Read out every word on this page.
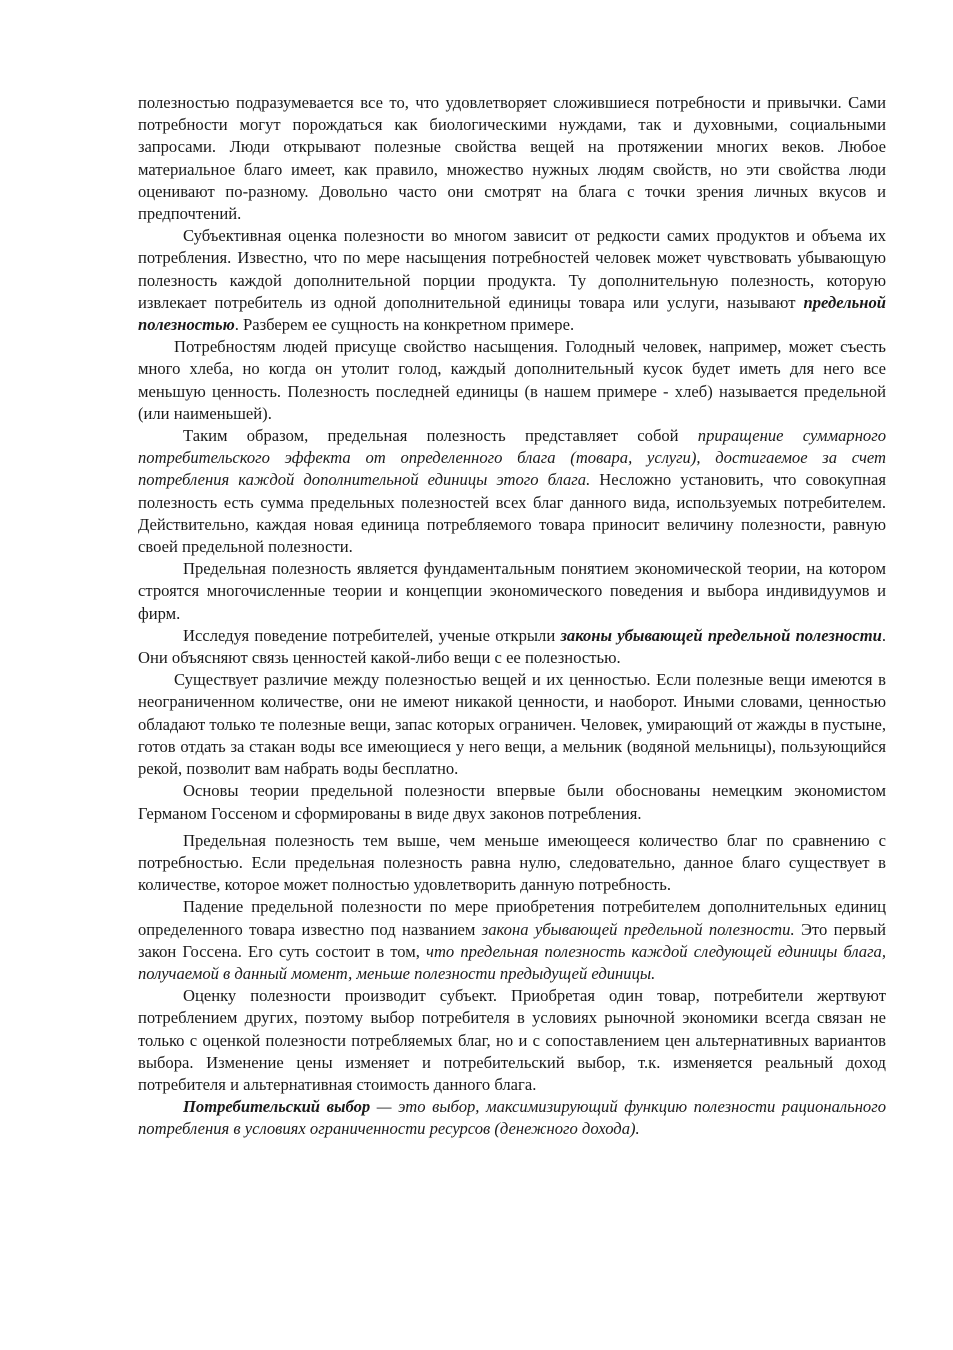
полезностью подразумевается все то, что удовлетворяет сложившиеся потребности и привычки. Сами потребности могут порождаться как биологическими нуждами, так и духовными, социальными запросами. Люди открывают полезные свойства вещей на протяжении многих веков. Любое материальное благо имеет, как правило, множество нужных людям свойств, но эти свойства люди оценивают по-разному. Довольно часто они смотрят на блага с точки зрения личных вкусов и предпочтений.

Субъективная оценка полезности во многом зависит от редкости самих продуктов и объема их потребления. Известно, что по мере насыщения потребностей человек может чувствовать убывающую полезность каждой дополнительной порции продукта. Ту дополнительную полезность, которую извлекает потребитель из одной дополнительной единицы товара или услуги, называют предельной полезностью. Разберем ее сущность на конкретном примере.

Потребностям людей присуще свойство насыщения. Голодный человек, например, может съесть много хлеба, но когда он утолит голод, каждый дополнительный кусок будет иметь для него все меньшую ценность. Полезность последней единицы (в нашем примере - хлеб) называется предельной (или наименьшей).

Таким образом, предельная полезность представляет собой приращение суммарного потребительского эффекта от определенного блага (товара, услуги), достигаемое за счет потребления каждой дополнительной единицы этого блага. Несложно установить, что совокупная полезность есть сумма предельных полезностей всех благ данного вида, используемых потребителем. Действительно, каждая новая единица потребляемого товара приносит величину полезности, равную своей предельной полезности.

Предельная полезность является фундаментальным понятием экономической теории, на котором строятся многочисленные теории и концепции экономического поведения и выбора индивидуумов и фирм.

Исследуя поведение потребителей, ученые открыли законы убывающей предельной полезности. Они объясняют связь ценностей какой-либо вещи с ее полезностью.

Существует различие между полезностью вещей и их ценностью. Если полезные вещи имеются в неограниченном количестве, они не имеют никакой ценности, и наоборот. Иными словами, ценностью обладают только те полезные вещи, запас которых ограничен. Человек, умирающий от жажды в пустыне, готов отдать за стакан воды все имеющиеся у него вещи, а мельник (водяной мельницы), пользующийся рекой, позволит вам набрать воды бесплатно.

Основы теории предельной полезности впервые были обоснованы немецким экономистом Германом Госсеном и сформированы в виде двух законов потребления.

Предельная полезность тем выше, чем меньше имеющееся количество благ по сравнению с потребностью. Если предельная полезность равна нулю, следовательно, данное благо существует в количестве, которое может полностью удовлетворить данную потребность.

Падение предельной полезности по мере приобретения потребителем дополнительных единиц определенного товара известно под названием закона убывающей предельной полезности. Это первый закон Госсена. Его суть состоит в том, что предельная полезность каждой следующей единицы блага, получаемой в данный момент, меньше полезности предыдущей единицы.

Оценку полезности производит субъект. Приобретая один товар, потребители жертвуют потреблением других, поэтому выбор потребителя в условиях рыночной экономики всегда связан не только с оценкой полезности потребляемых благ, но и с сопоставлением цен альтернативных вариантов выбора. Изменение цены изменяет и потребительский выбор, т.к. изменяется реальный доход потребителя и альтернативная стоимость данного блага.

Потребительский выбор — это выбор, максимизирующий функцию полезности рационального потребления в условиях ограниченности ресурсов (денежного дохода).
